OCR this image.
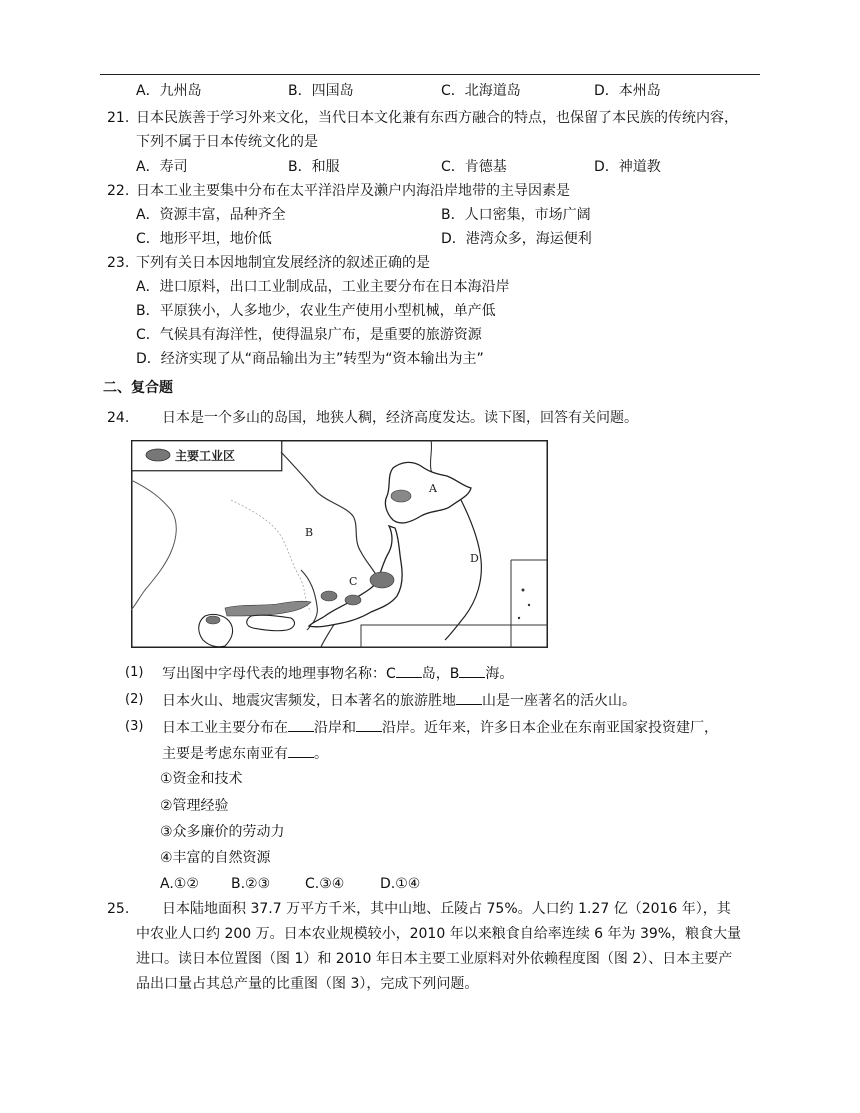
A．九州岛	B．四国岛	C．北海道岛	D．本州岛
21. 日本民族善于学习外来文化，当代日本文化兼有东西方融合的特点，也保留了本民族的传统内容，
下列不属于日本传统文化的是
A．寿司	B．和服	C．肯德基	D．神道教
22. 日本工业主要集中分布在太平洋沿岸及濑户内海沿岸地带的主导因素是
A．资源丰富，品种齐全	B．人口密集，市场广阔
C．地形平坦，地价低	D．港湾众多，海运便利
23. 下列有关日本因地制宜发展经济的叙述正确的是
A．进口原料，出口工业制成品，工业主要分布在日本海沿岸
B．平原狭小，人多地少，农业生产使用小型机械，单产低
C．气候具有海洋性，使得温泉广布，是重要的旅游资源
D．经济实现了从“商品输出为主”转型为“资本输出为主”
二、复合题
24. 日本是一个多山的岛国，地狭人稠，经济高度发达。读下图，回答有关问题。
主要工业区
A
B
C
D
(1) 写出图中字母代表的地理事物名称：C 岛，B 海。
(2) 日本火山、地震灾害频发，日本著名的旅游胜地 山是一座著名的活火山。
(3) 日本工业主要分布在 沿岸和 沿岸。近年来，许多日本企业在东南亚国家投资建厂，
主要是考虑东南亚有 。
①资金和技术
②管理经验
③众多廉价的劳动力
④丰富的自然资源
A.①② B.②③ C.③④	D.①④
25. 日本陆地面积 37.7 万平方千米，其中山地、丘陵占 75%。人口约 1.27 亿（2016 年），其
中农业人口约 200 万。日本农业规模较小，2010 年以来粮食自给率连续 6 年为 39%，粮食大量
进口。读日本位置图（图 1）和 2010 年日本主要工业原料对外依赖程度图（图 2）、日本主要产
品出口量占其总产量的比重图（图 3），完成下列问题。
